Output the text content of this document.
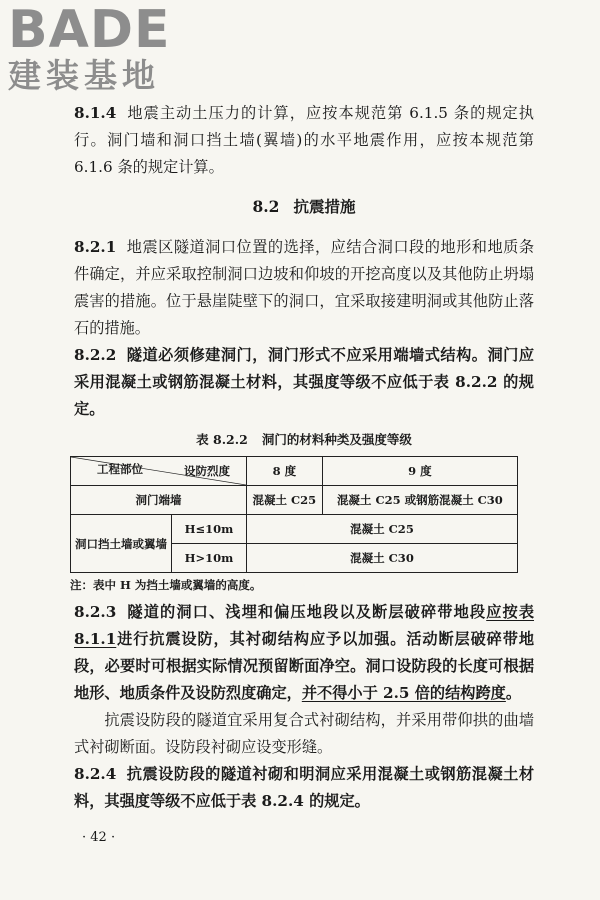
BADE
建装基地

8.1.4 地震主动土压力的计算，应按本规范第 6.1.5 条的规定执行。洞门墙和洞口挡土墙(翼墙)的水平地震作用，应按本规范第 6.1.6 条的规定计算。

8.2 抗震措施

8.2.1 地震区隧道洞口位置的选择，应结合洞口段的地形和地质条件确定，并应采取控制洞口边坡和仰坡的开挖高度以及其他防止坍塌震害的措施。位于悬崖陡壁下的洞口，宜采取接建明洞或其他防止落石的措施。

8.2.2 隧道必须修建洞门，洞门形式不应采用端墙式结构。洞门应采用混凝土或钢筋混凝土材料，其强度等级不应低于表 8.2.2 的规定。

表 8.2.2 洞门的材料种类及强度等级
设防烈度
工程部位		8 度	9 度
洞门端墙		混凝土 C25	混凝土 C25 或钢筋混凝土 C30
洞口挡土墙或翼墙	H≤10m	混凝土 C25	
	H>10m	混凝土 C30	
注：表中 H 为挡土墙或翼墙的高度。

8.2.3 隧道的洞口、浅埋和偏压地段以及断层破碎带地段应按表 8.1.1进行抗震设防，其衬砌结构应予以加强。活动断层破碎带地段，必要时可根据实际情况预留断面净空。洞口设防段的长度可根据地形、地质条件及设防烈度确定，并不得小于 2.5 倍的结构跨度。

抗震设防段的隧道宜采用复合式衬砌结构，并采用带仰拱的曲墙式衬砌断面。设防段衬砌应设变形缝。

8.2.4 抗震设防段的隧道衬砌和明洞应采用混凝土或钢筋混凝土材料，其强度等级不应低于表 8.2.4 的规定。

· 42 ·
